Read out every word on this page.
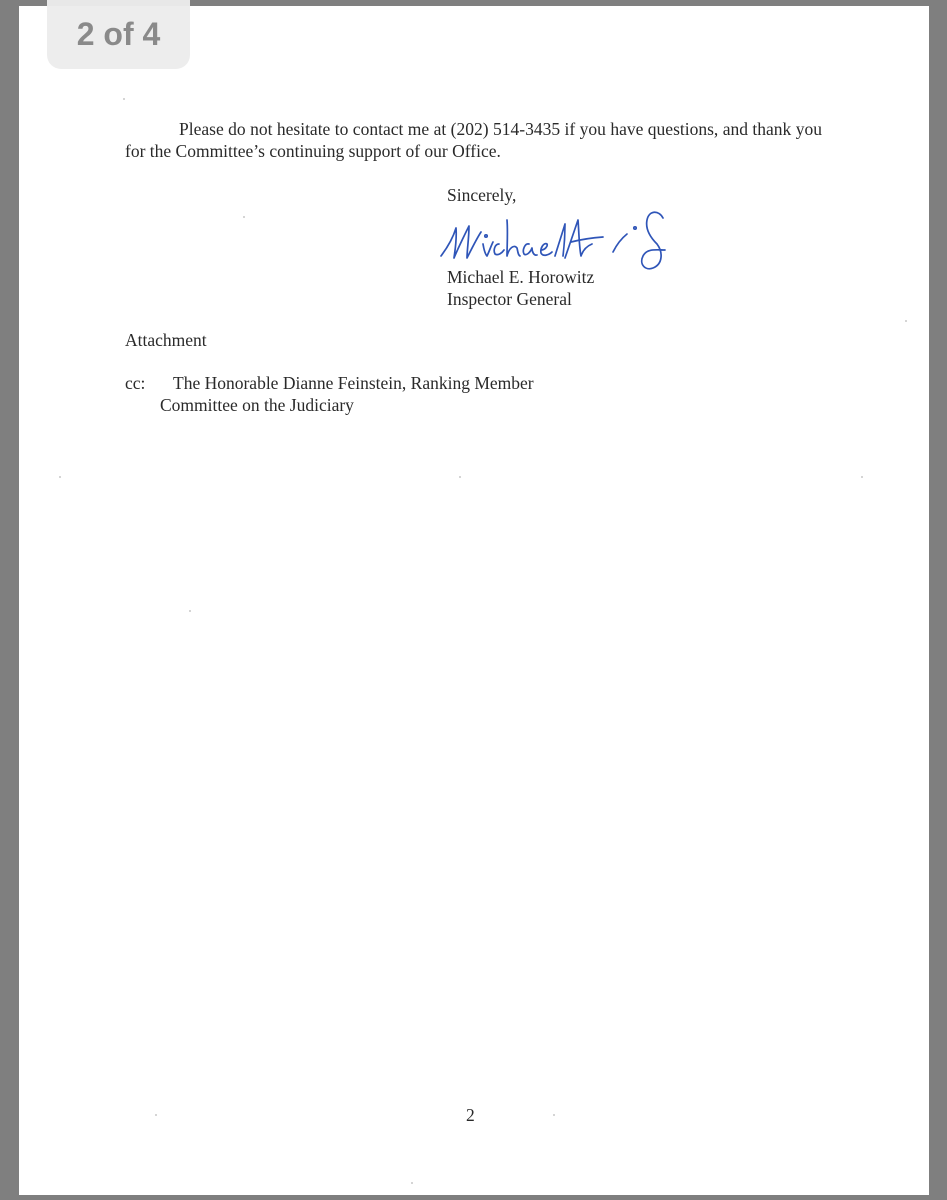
2 of 4
Please do not hesitate to contact me at (202) 514-3435 if you have questions, and thank you for the Committee’s continuing support of our Office.
Sincerely,
Michael E. Horowitz
Inspector General
Attachment
cc: The Honorable Dianne Feinstein, Ranking Member
Committee on the Judiciary
2
